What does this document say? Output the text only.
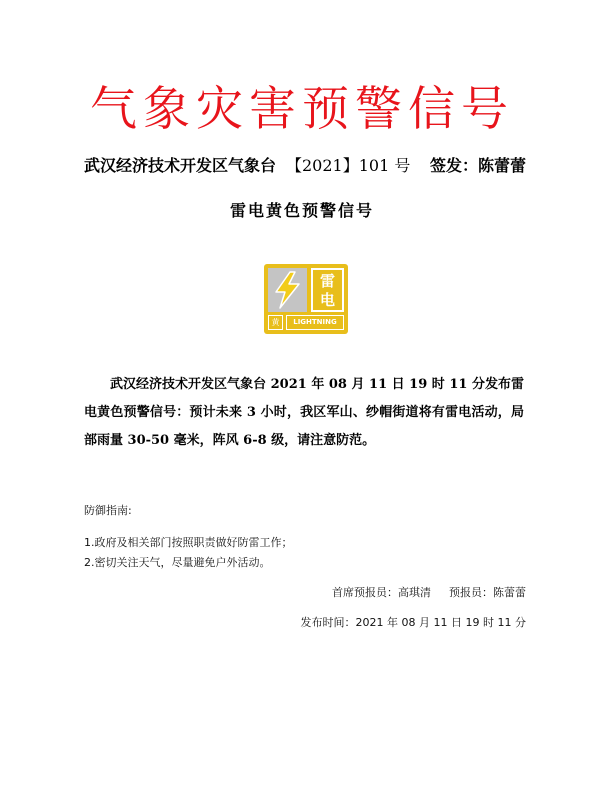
气象灾害预警信号
武汉经济技术开发区气象台 【2021】101 号 签发：陈蕾蕾
雷电黄色预警信号
雷
电
黄	LIGHTNING
武汉经济技术开发区气象台 2021 年 08 月 11 日 19 时 11 分发布雷电黄色预警信号：预计未来 3 小时，我区军山、纱帽街道将有雷电活动，局部雨量 30-50 毫米，阵风 6-8 级，请注意防范。
防御指南:
1.政府及相关部门按照职责做好防雷工作；
2.密切关注天气，尽量避免户外活动。
首席预报员：高琪清 预报员：陈蕾蕾
发布时间：2021 年 08 月 11 日 19 时 11 分
